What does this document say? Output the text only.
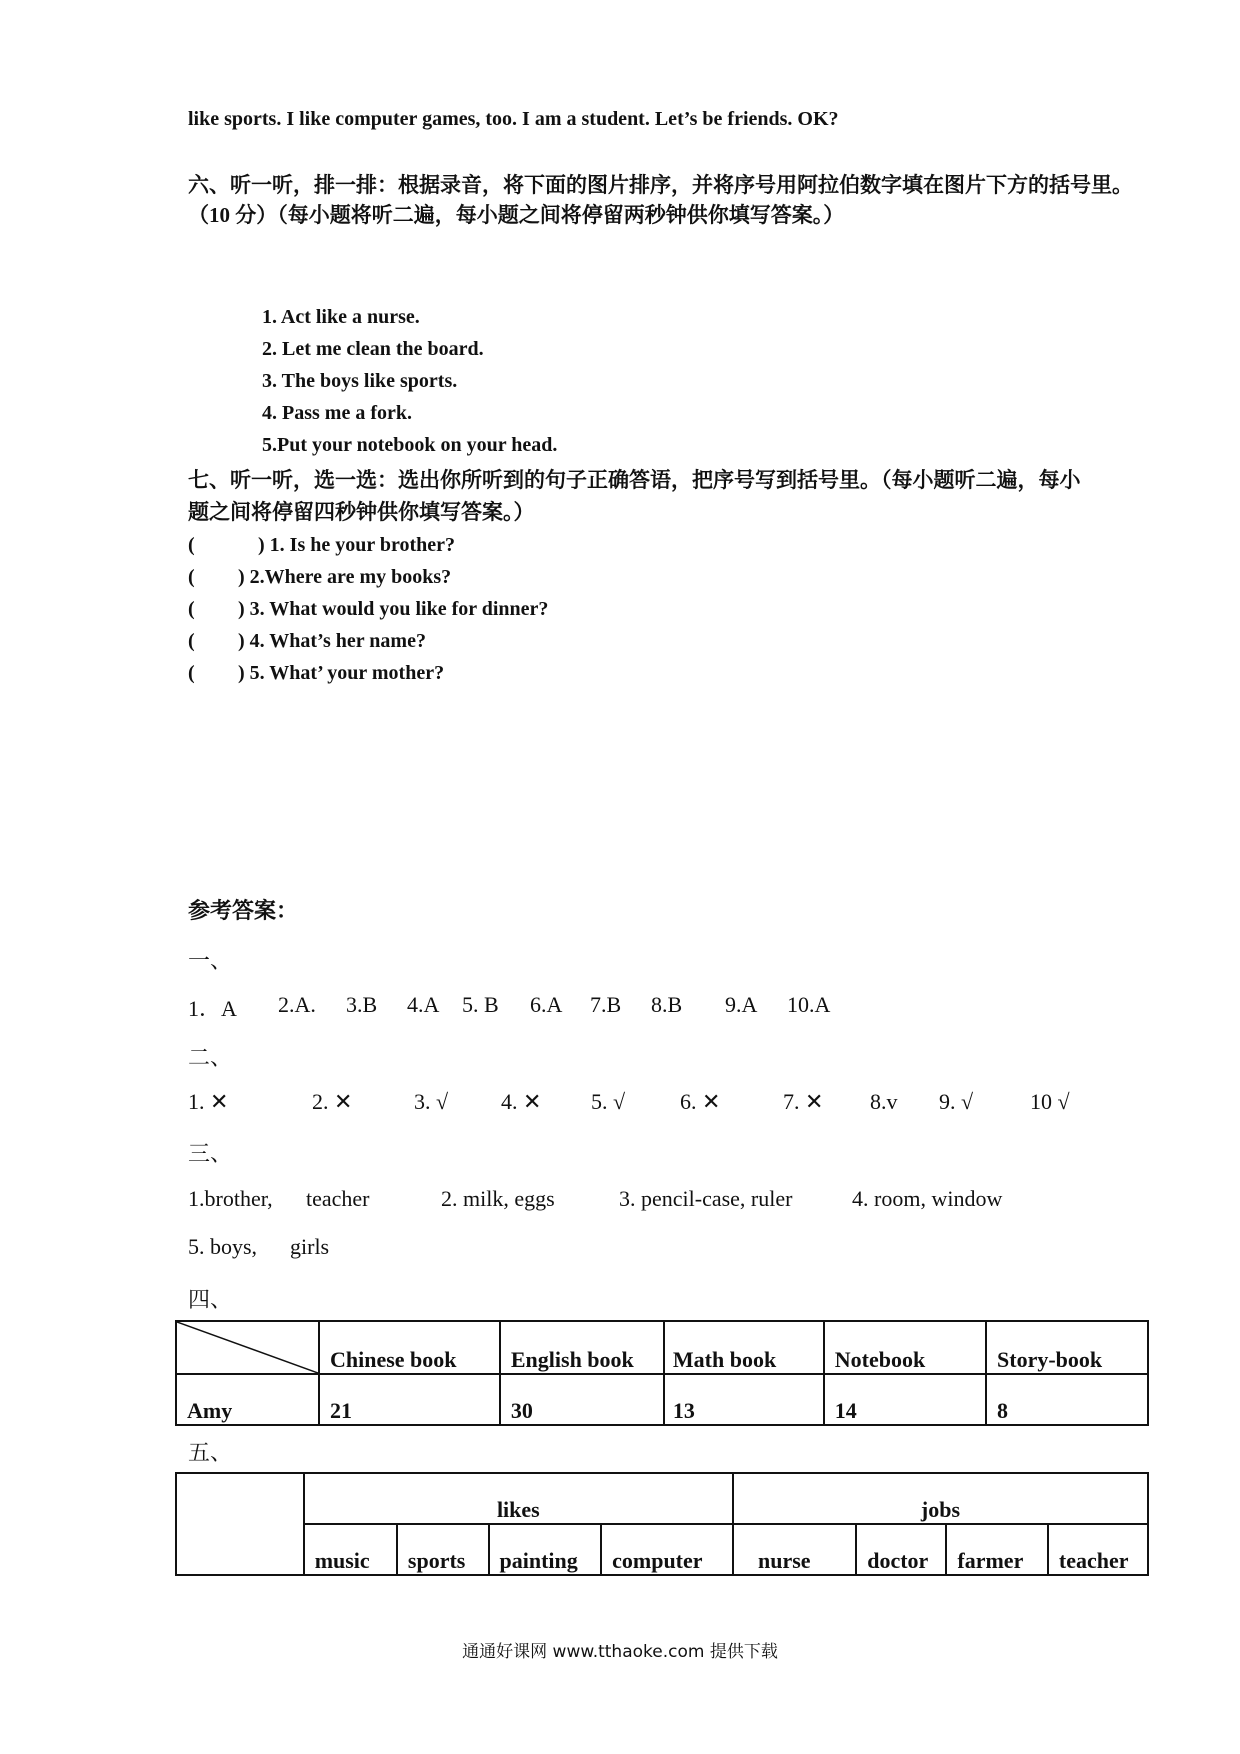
like sports. I like computer games, too. I am a student. Let’s be friends. OK?
六、听一听，排一排：根据录音，将下面的图片排序，并将序号用阿拉伯数字填在图片下方的括号里。
（10 分）（每小题将听二遍，每小题之间将停留两秒钟供你填写答案。）
1. Act like a nurse.
2. Let me clean the board.
3. The boys like sports.
4. Pass me a fork.
5.Put your notebook on your head.
七、听一听，选一选：选出你所听到的句子正确答语，把序号写到括号里。（每小题听二遍，每小
题之间将停留四秒钟供你填写答案。）
(	) 1. Is he your brother?
( ) 2.Where are my books?
( ) 3. What would you like for dinner?
( ) 4. What’s her name?
( ) 5. What’ your mother?
参考答案：
一、
1．A 2.A. 3.B 4.A 5. B 6.A 7.B 8.B 9.A 10.A
二、
1. ✕	2. ✕	3. √ 4. ✕ 5. √ 6. ✕	7. ✕ 8.v 9. √	10 √
三、
1.brother, teacher	2. milk, eggs	3. pencil-case, ruler	4. room, window
5. boys, girls
四、
	Chinese book	English book	Math book	Notebook	Story-book
Amy	21	30	13	14	8
五、
	likes				jobs			
	music	sports	painting	computer	nurse	doctor	farmer	teacher
通通好课网 www.tthaoke.com 提供下载
